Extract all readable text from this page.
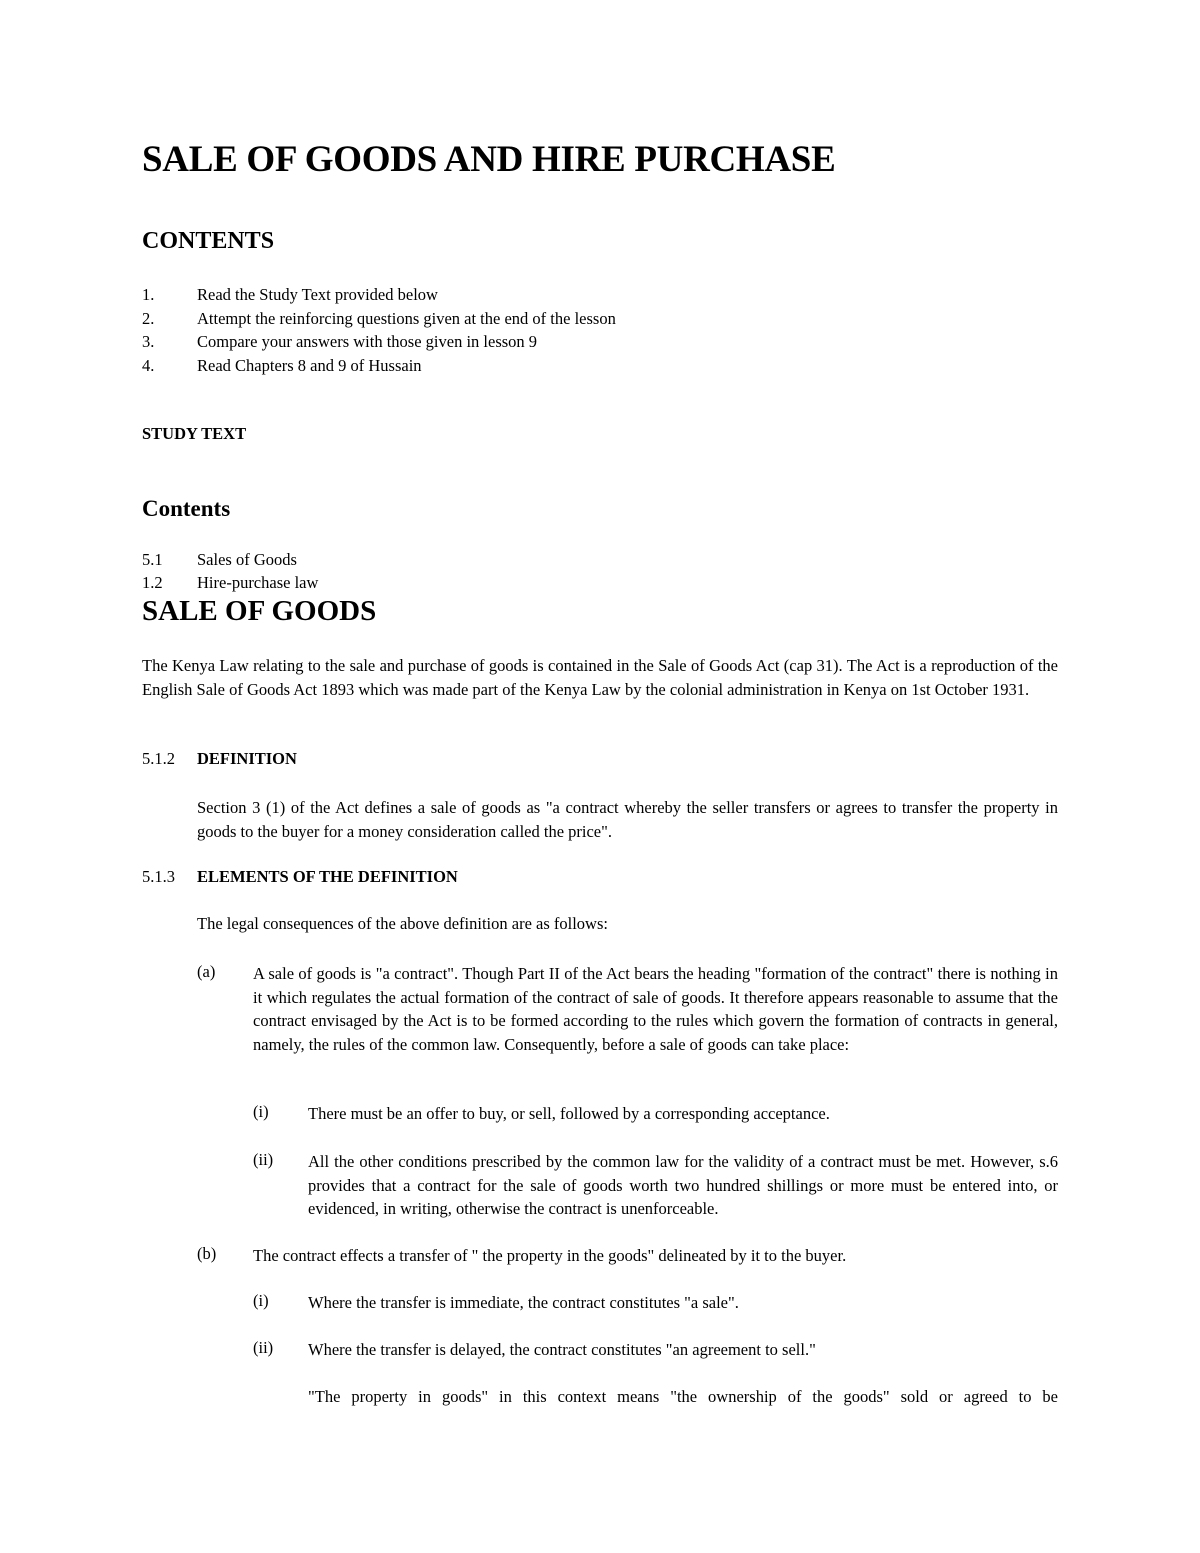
SALE OF GOODS AND HIRE PURCHASE
CONTENTS
1.	Read the Study Text provided below
2.	Attempt the reinforcing questions given at the end of the lesson
3.	Compare your answers with those given in lesson 9
4.	Read Chapters 8 and 9 of Hussain
STUDY TEXT
Contents
5.1 Sales of Goods
1.2 Hire-purchase law
SALE OF GOODS
The Kenya Law relating to the sale and purchase of goods is contained in the Sale of Goods Act (cap 31). The Act is a reproduction of the English Sale of Goods Act 1893 which was made part of the Kenya Law by the colonial administration in Kenya on 1st October 1931.
5.1.2 DEFINITION
Section 3 (1) of the Act defines a sale of goods as "a contract whereby the seller transfers or agrees to transfer the property in goods to the buyer for a money consideration called the price".
5.1.3 ELEMENTS OF THE DEFINITION
The legal consequences of the above definition are as follows:
(a) A sale of goods is "a contract". Though Part II of the Act bears the heading "formation of the contract" there is nothing in it which regulates the actual formation of the contract of sale of goods. It therefore appears reasonable to assume that the contract envisaged by the Act is to be formed according to the rules which govern the formation of contracts in general, namely, the rules of the common law. Consequently, before a sale of goods can take place:
(i) There must be an offer to buy, or sell, followed by a corresponding acceptance.
(ii) All the other conditions prescribed by the common law for the validity of a contract must be met. However, s.6 provides that a contract for the sale of goods worth two hundred shillings or more must be entered into, or evidenced, in writing, otherwise the contract is unenforceable.
(b) The contract effects a transfer of " the property in the goods" delineated by it to the buyer.
(i) Where the transfer is immediate, the contract constitutes "a sale".
(ii) Where the transfer is delayed, the contract constitutes "an agreement to sell."
"The property in goods" in this context means "the ownership of the goods" sold or agreed to be
